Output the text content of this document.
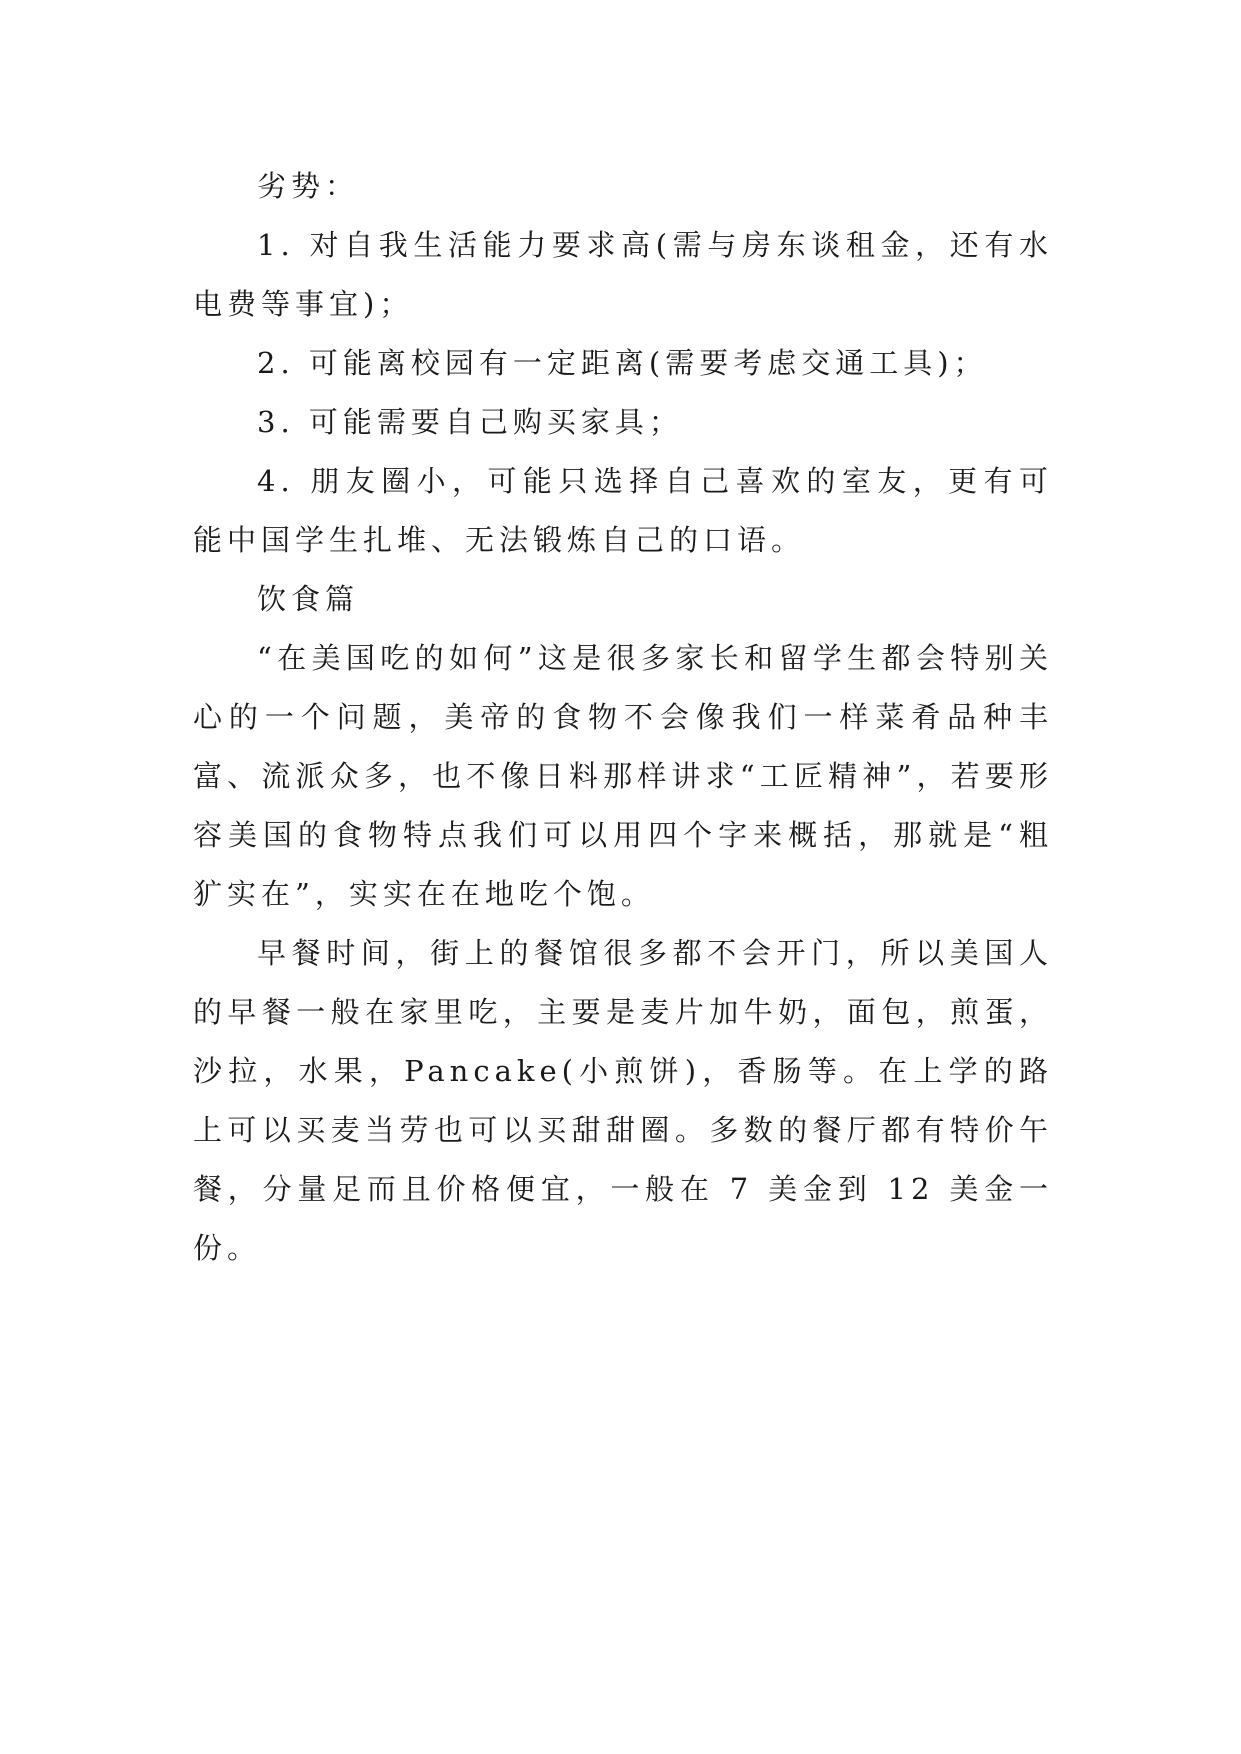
劣势：

1. 对自我生活能力要求高(需与房东谈租金，还有水电费等事宜)；

2. 可能离校园有一定距离(需要考虑交通工具)；

3. 可能需要自己购买家具；

4. 朋友圈小，可能只选择自己喜欢的室友，更有可能中国学生扎堆、无法锻炼自己的口语。

饮食篇

“在美国吃的如何”这是很多家长和留学生都会特别关心的一个问题，美帝的食物不会像我们一样菜肴品种丰富、流派众多，也不像日料那样讲求“工匠精神”，若要形容美国的食物特点我们可以用四个字来概括，那就是“粗犷实在”，实实在在地吃个饱。

早餐时间，街上的餐馆很多都不会开门，所以美国人的早餐一般在家里吃，主要是麦片加牛奶，面包，煎蛋，沙拉，水果，Pancake(小煎饼)，香肠等。在上学的路上可以买麦当劳也可以买甜甜圈。多数的餐厅都有特价午餐，分量足而且价格便宜，一般在 7 美金到 12 美金一份。
